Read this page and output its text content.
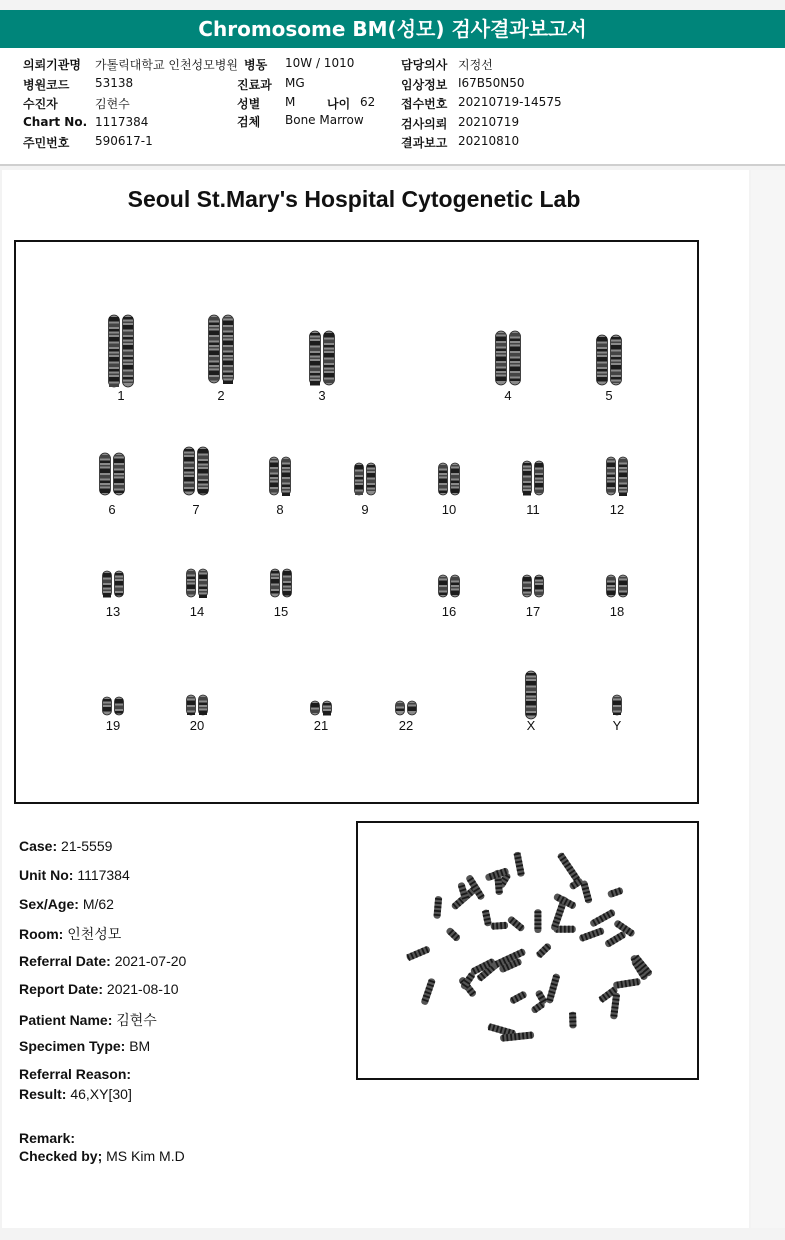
Chromosome BM(성모) 검사결과보고서
의뢰기관명 가톨릭대학교 인천성모병원 병동 10W / 1010	담당의사 지정선
병원코드 53138	진료과 MG	임상정보 I67B50N50
수진자	김현수	성별 M	나이 62 접수번호 20210719-14575
Chart No. 1117384	검체 Bone Marrow	검사의뢰 20210719
주민번호 590617-1	결과보고 20210810
Seoul St.Mary's Hospital Cytogenetic Lab
1	2	3	4	5
6	7	8	9	10	11	12
13	14	15	16	17	18
19	20	21	22	X	Y
Case: 21-5559
Unit No: 1117384
Sex/Age: M/62
Room: 인천성모
Referral Date: 2021-07-20
Report Date: 2021-08-10
Patient Name: 김현수
Specimen Type: BM
Referral Reason:
Result: 46,XY[30]
Remark:
Checked by; MS Kim M.D
